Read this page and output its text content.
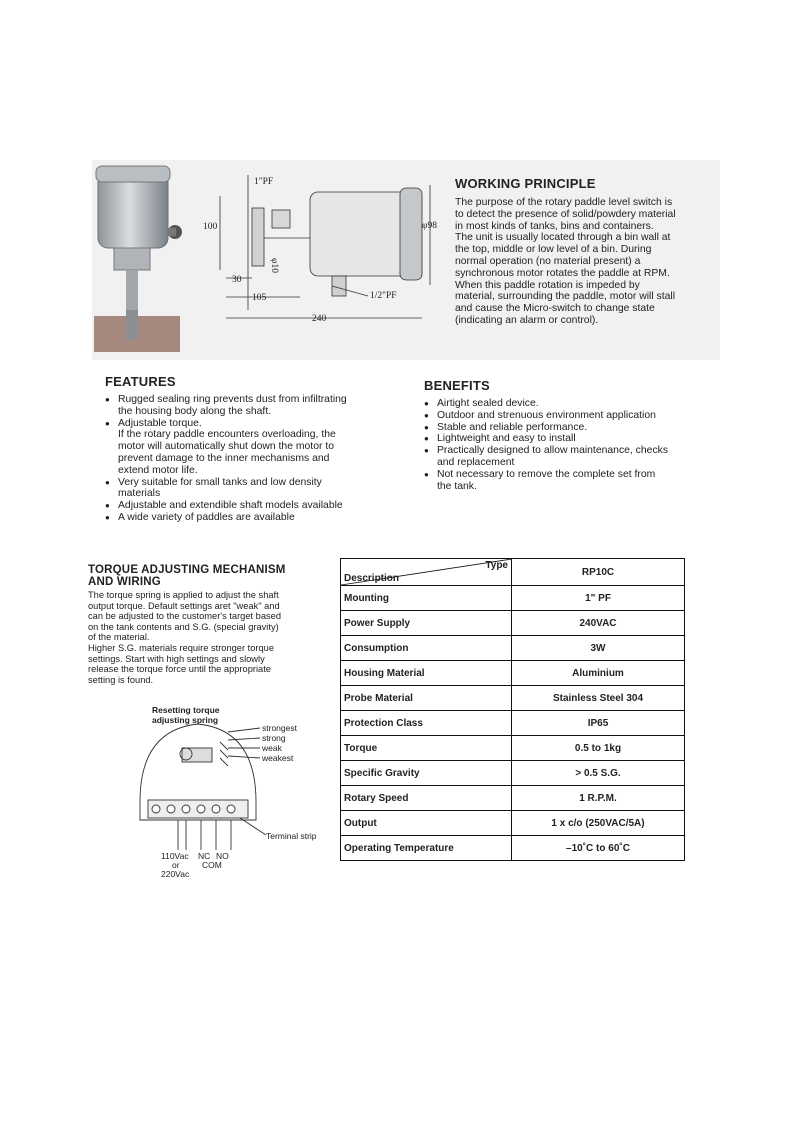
1"PF
100
φ10
φ98
30
105	1/2"PF
240
WORKING PRINCIPLE
The purpose of the rotary paddle level switch is
to detect the presence of solid/powdery material
in most kinds of tanks, bins and containers.
The unit is usually located through a bin wall at
the top, middle or low level of a bin. During
normal operation (no material present) a
synchronous motor rotates the paddle at RPM.
When this paddle rotation is impeded by
material, surrounding the paddle, motor will stall
and cause the Micro-switch to change state
(indicating an alarm or control).
FEATURES
● Rugged sealing ring prevents dust from infiltrating
the housing body along the shaft.
● Adjustable torque.
If the rotary paddle encounters overloading, the
motor will automatically shut down the motor to
prevent damage to the inner mechanisms and
extend motor life.
● Very suitable for small tanks and low density
materials
● Adjustable and extendible shaft models available
● A wide variety of paddles are available
BENEFITS
● Airtight sealed device.
● Outdoor and strenuous environment application
● Stable and reliable performance.
● Lightweight and easy to install
● Practically designed to allow maintenance, checks
and replacement
● Not necessary to remove the complete set from
the tank.
TORQUE ADJUSTING MECHANISM
AND WIRING
The torque spring is applied to adjust the shaft
output torque. Default settings aret "weak" and
can be adjusted to the customer's target based
on the tank contents and S.G. (special gravity)
of the material.
Higher S.G. materials require stronger torque
settings. Start with high settings and slowly
release the torque force until the appropriate
setting is found.
Resetting torque
adjusting spring
strongest
strong
weak
weakest
Terminal strip
110Vac
or
220Vac
NC NO
COM
Type
Description	RP10C
Mounting	1" PF
Power Supply	240VAC
Consumption	3W
Housing Material	Aluminium
Probe Material	Stainless Steel 304
Protection Class	IP65
Torque	0.5 to 1kg
Specific Gravity	> 0.5 S.G.
Rotary Speed	1 R.P.M.
Output	1 x c/o (250VAC/5A)
Operating Temperature	–10˚C to 60˚C
